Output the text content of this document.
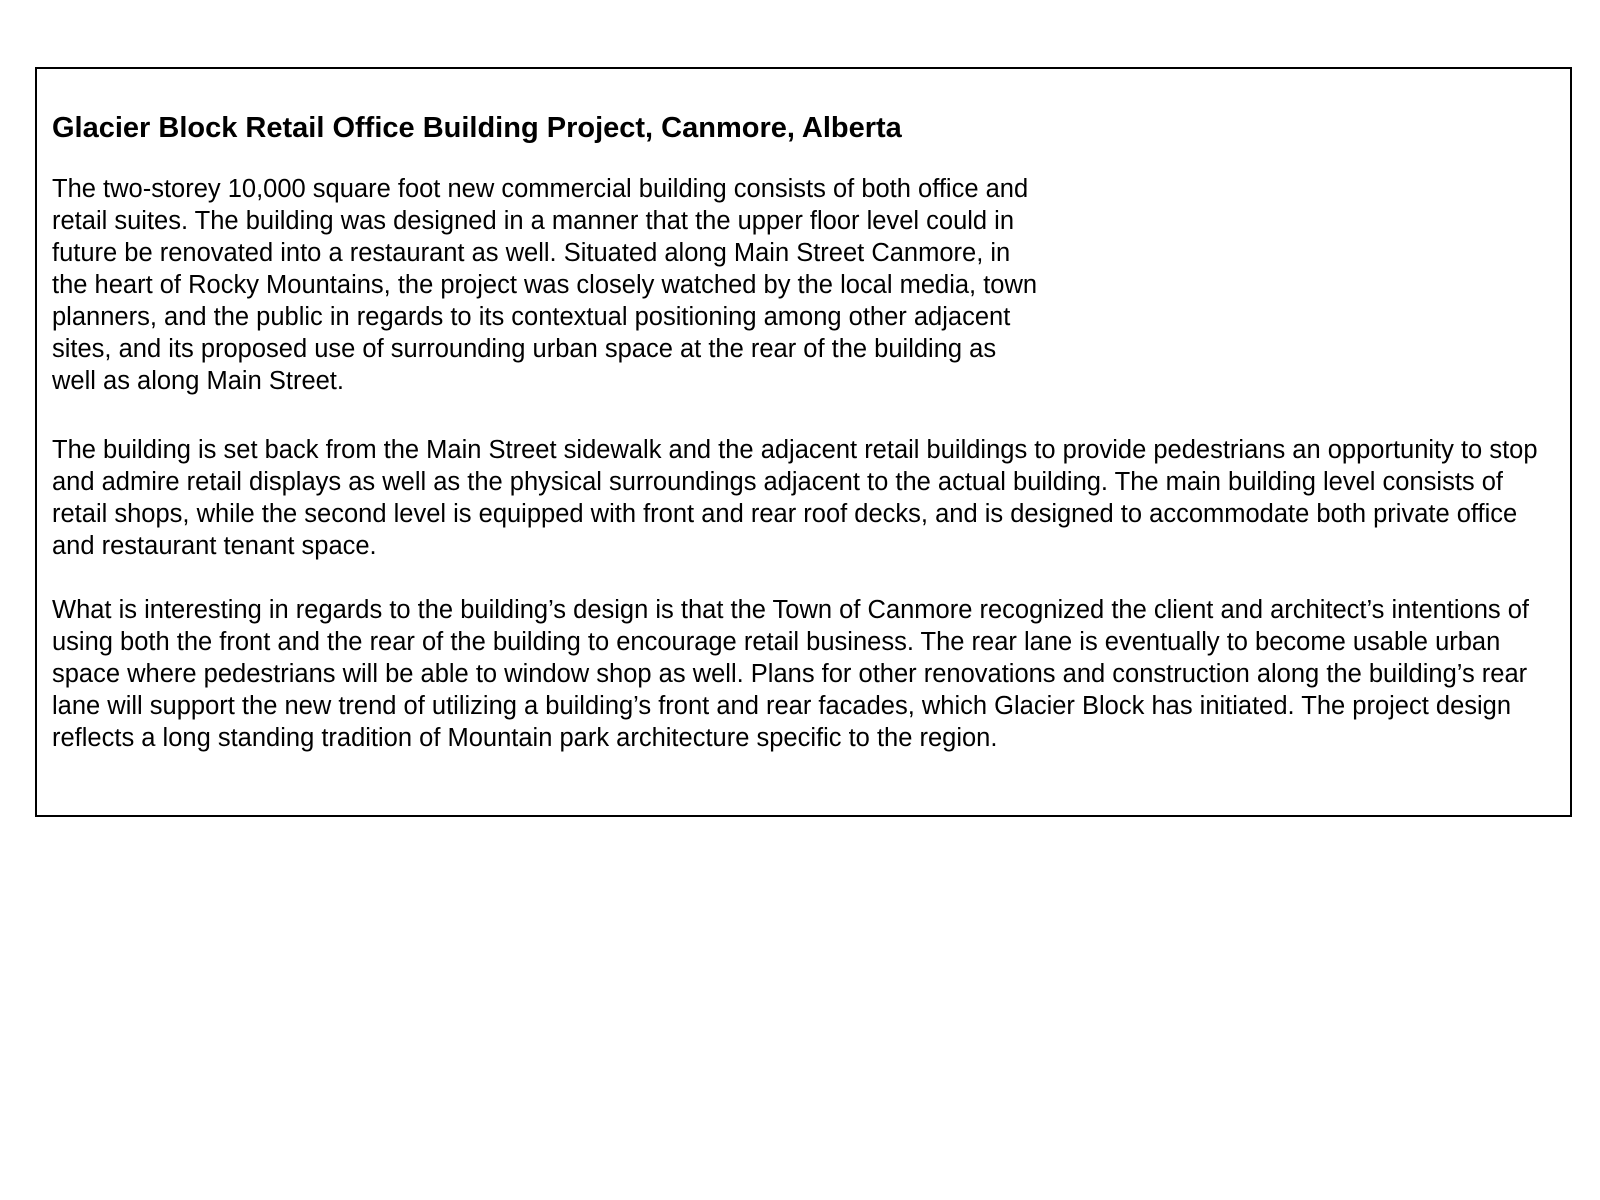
Glacier Block Retail Office Building Project, Canmore, Alberta

The two-storey 10,000 square foot new commercial building consists of both office and retail suites. The building was designed in a manner that the upper floor level could in future be renovated into a restaurant as well. Situated along Main Street Canmore, in the heart of Rocky Mountains, the project was closely watched by the local media, town planners, and the public in regards to its contextual positioning among other adjacent sites, and its proposed use of surrounding urban space at the rear of the building as well as along Main Street.

The building is set back from the Main Street sidewalk and the adjacent retail buildings to provide pedestrians an opportunity to stop and admire retail displays as well as the physical surroundings adjacent to the actual building. The main building level consists of retail shops, while the second level is equipped with front and rear roof decks, and is designed to accommodate both private office and restaurant tenant space.

What is interesting in regards to the building’s design is that the Town of Canmore recognized the client and architect’s intentions of using both the front and the rear of the building to encourage retail business. The rear lane is eventually to become usable urban space where pedestrians will be able to window shop as well. Plans for other renovations and construction along the building’s rear lane will support the new trend of utilizing a building’s front and rear facades, which Glacier Block has initiated. The project design reflects a long standing tradition of Mountain park architecture specific to the region.
